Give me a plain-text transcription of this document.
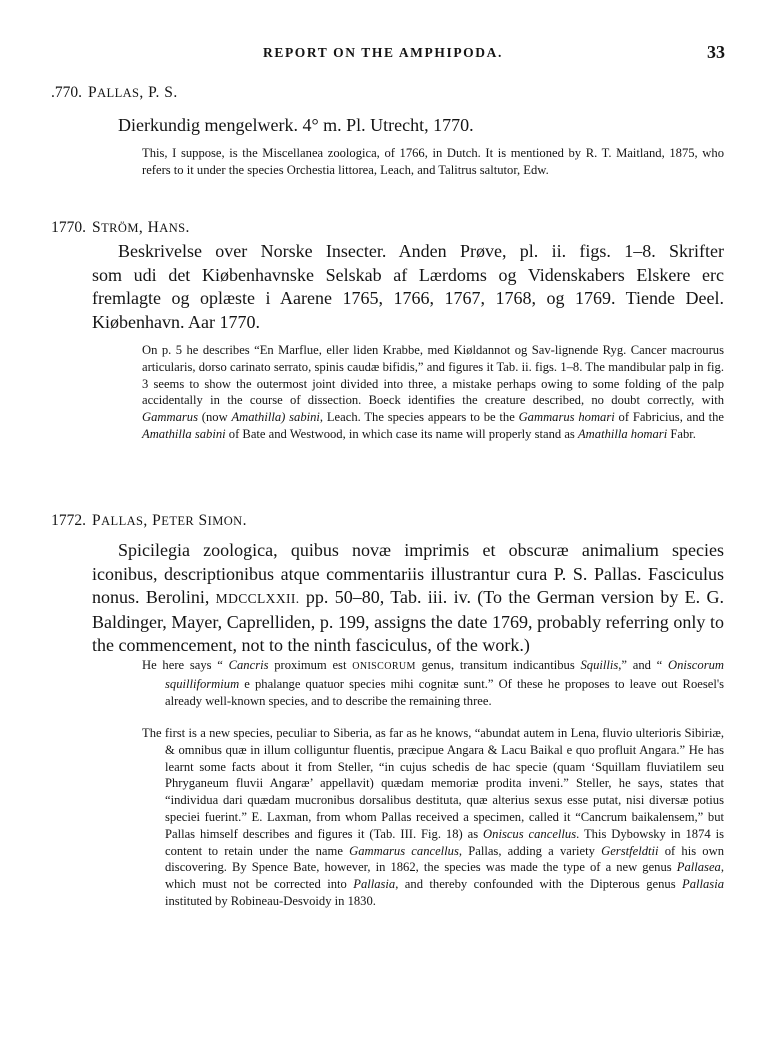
REPORT ON THE AMPHIPODA.	33
.770. PALLAS, P. S.
Dierkundig mengelwerk. 4° m. Pl. Utrecht, 1770.
This, I suppose, is the Miscellanea zoologica, of 1766, in Dutch. It is mentioned by R. T. Maitland, 1875, who refers to it under the species Orchestia littorea, Leach, and Talitrus saltutor, Edw.
1770. STRÖM, HANS.
Beskrivelse over Norske Insecter. Anden Prøve, pl. ii. figs. 1–8. Skrifter
som udi det Kiøbenhavnske Selskab af Lærdoms og Videnskabers Elskere erc fremlagte og oplæste i Aarene 1765, 1766, 1767, 1768, og 1769. Tiende Deel. Kiøbenhavn. Aar 1770.
On p. 5 he describes “En Marflue, eller liden Krabbe, med Kiøldannot og Sav-lignende Ryg. Cancer macrourus articularis, dorso carinato serrato, spinis caudæ bifidis,” and figures it Tab. ii. figs. 1–8. The mandibular palp in fig. 3 seems to show the outermost joint divided into three, a mistake perhaps owing to some folding of the palp accidentally in the course of dissection. Boeck identifies the creature described, no doubt correctly, with Gammarus (now Amathilla) sabini, Leach. The species appears to be the Gammarus homari of Fabricius, and the Amathilla sabini of Bate and Westwood, in which case its name will properly stand as Amathilla homari Fabr.
1772. PALLAS, PETER SIMON.
Spicilegia zoologica, quibus novæ imprimis et obscuræ animalium species
iconibus, descriptionibus atque commentariis illustrantur cura P. S. Pallas. Fasciculus nonus. Berolini, MDCCLXXII. pp. 50–80, Tab. iii. iv. (To the German version by E. G. Baldinger, Mayer, Caprelliden, p. 199, assigns the date 1769, probably referring only to the commencement, not to the ninth fasciculus, of the work.)
He here says “ Cancris proximum est ONISCORUM genus, transitum indicantibus Squillis,” and “ Oniscorum squilliformium e phalange quatuor species mihi cognitæ sunt.” Of these he proposes to leave out Roesel's already well-known species, and to describe the remaining three.
The first is a new species, peculiar to Siberia, as far as he knows, “abundat autem in Lena, fluvio ulterioris Sibiriæ, & omnibus quæ in illum colliguntur fluentis, præcipue Angara & Lacu Baikal e quo profluit Angara.” He has learnt some facts about it from Steller, “in cujus schedis de hac specie (quam ‘Squillam fluviatilem seu Phryganeum fluvii Angaræ’ appellavit) quædam memoriæ prodita inveni.” Steller, he says, states that “individua dari quædam mucronibus dorsalibus destituta, quæ alterius sexus esse putat, nisi diversæ potius speciei fuerint.” E. Laxman, from whom Pallas received a specimen, called it “Cancrum baikalensem,” but Pallas himself describes and figures it (Tab. III. Fig. 18) as Oniscus cancellus. This Dybowsky in 1874 is content to retain under the name Gammarus cancellus, Pallas, adding a variety Gerstfeldtii of his own discovering. By Spence Bate, however, in 1862, the species was made the type of a new genus Pallasea, which must not be corrected into Pallasia, and thereby confounded with the Dipterous genus Pallasia instituted by Robineau-Desvoidy in 1830.
